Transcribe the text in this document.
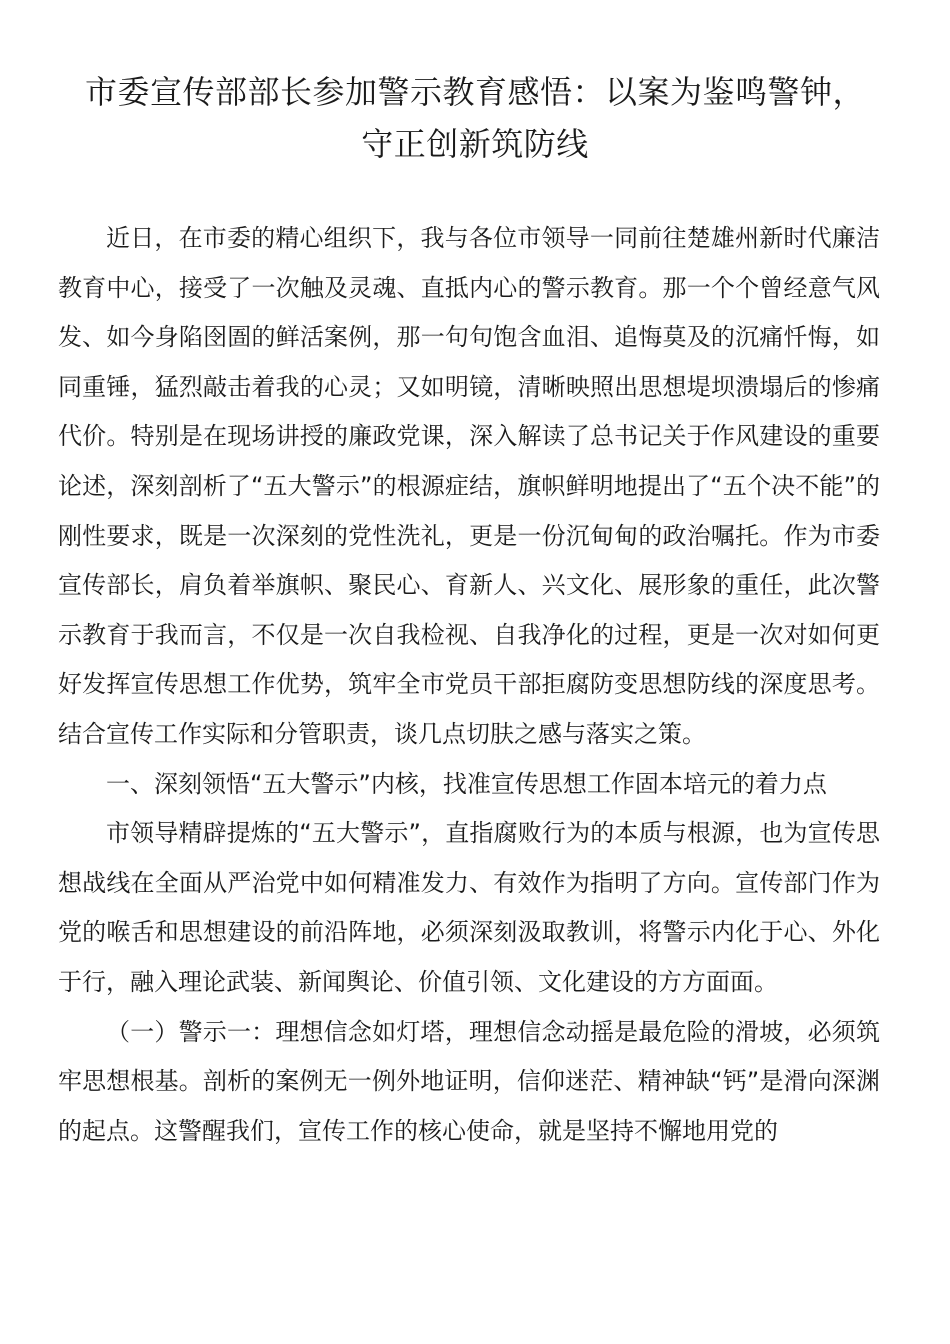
市委宣传部部长参加警示教育感悟：以案为鉴鸣警钟，守正创新筑防线

近日，在市委的精心组织下，我与各位市领导一同前往楚雄州新时代廉洁教育中心，接受了一次触及灵魂、直抵内心的警示教育。那一个个曾经意气风发、如今身陷囹圄的鲜活案例，那一句句饱含血泪、追悔莫及的沉痛忏悔，如同重锤，猛烈敲击着我的心灵；又如明镜，清晰映照出思想堤坝溃塌后的惨痛代价。特别是在现场讲授的廉政党课，深入解读了总书记关于作风建设的重要论述，深刻剖析了“五大警示”的根源症结，旗帜鲜明地提出了“五个决不能”的刚性要求，既是一次深刻的党性洗礼，更是一份沉甸甸的政治嘱托。作为市委宣传部长，肩负着举旗帜、聚民心、育新人、兴文化、展形象的重任，此次警示教育于我而言，不仅是一次自我检视、自我净化的过程，更是一次对如何更好发挥宣传思想工作优势，筑牢全市党员干部拒腐防变思想防线的深度思考。结合宣传工作实际和分管职责，谈几点切肤之感与落实之策。

一、深刻领悟“五大警示”内核，找准宣传思想工作固本培元的着力点

市领导精辟提炼的“五大警示”，直指腐败行为的本质与根源，也为宣传思想战线在全面从严治党中如何精准发力、有效作为指明了方向。宣传部门作为党的喉舌和思想建设的前沿阵地，必须深刻汲取教训，将警示内化于心、外化于行，融入理论武装、新闻舆论、价值引领、文化建设的方方面面。

（一）警示一：理想信念如灯塔，理想信念动摇是最危险的滑坡，必须筑牢思想根基。剖析的案例无一例外地证明，信仰迷茫、精神缺“钙”是滑向深渊的起点。这警醒我们，宣传工作的核心使命，就是坚持不懈地用党的
